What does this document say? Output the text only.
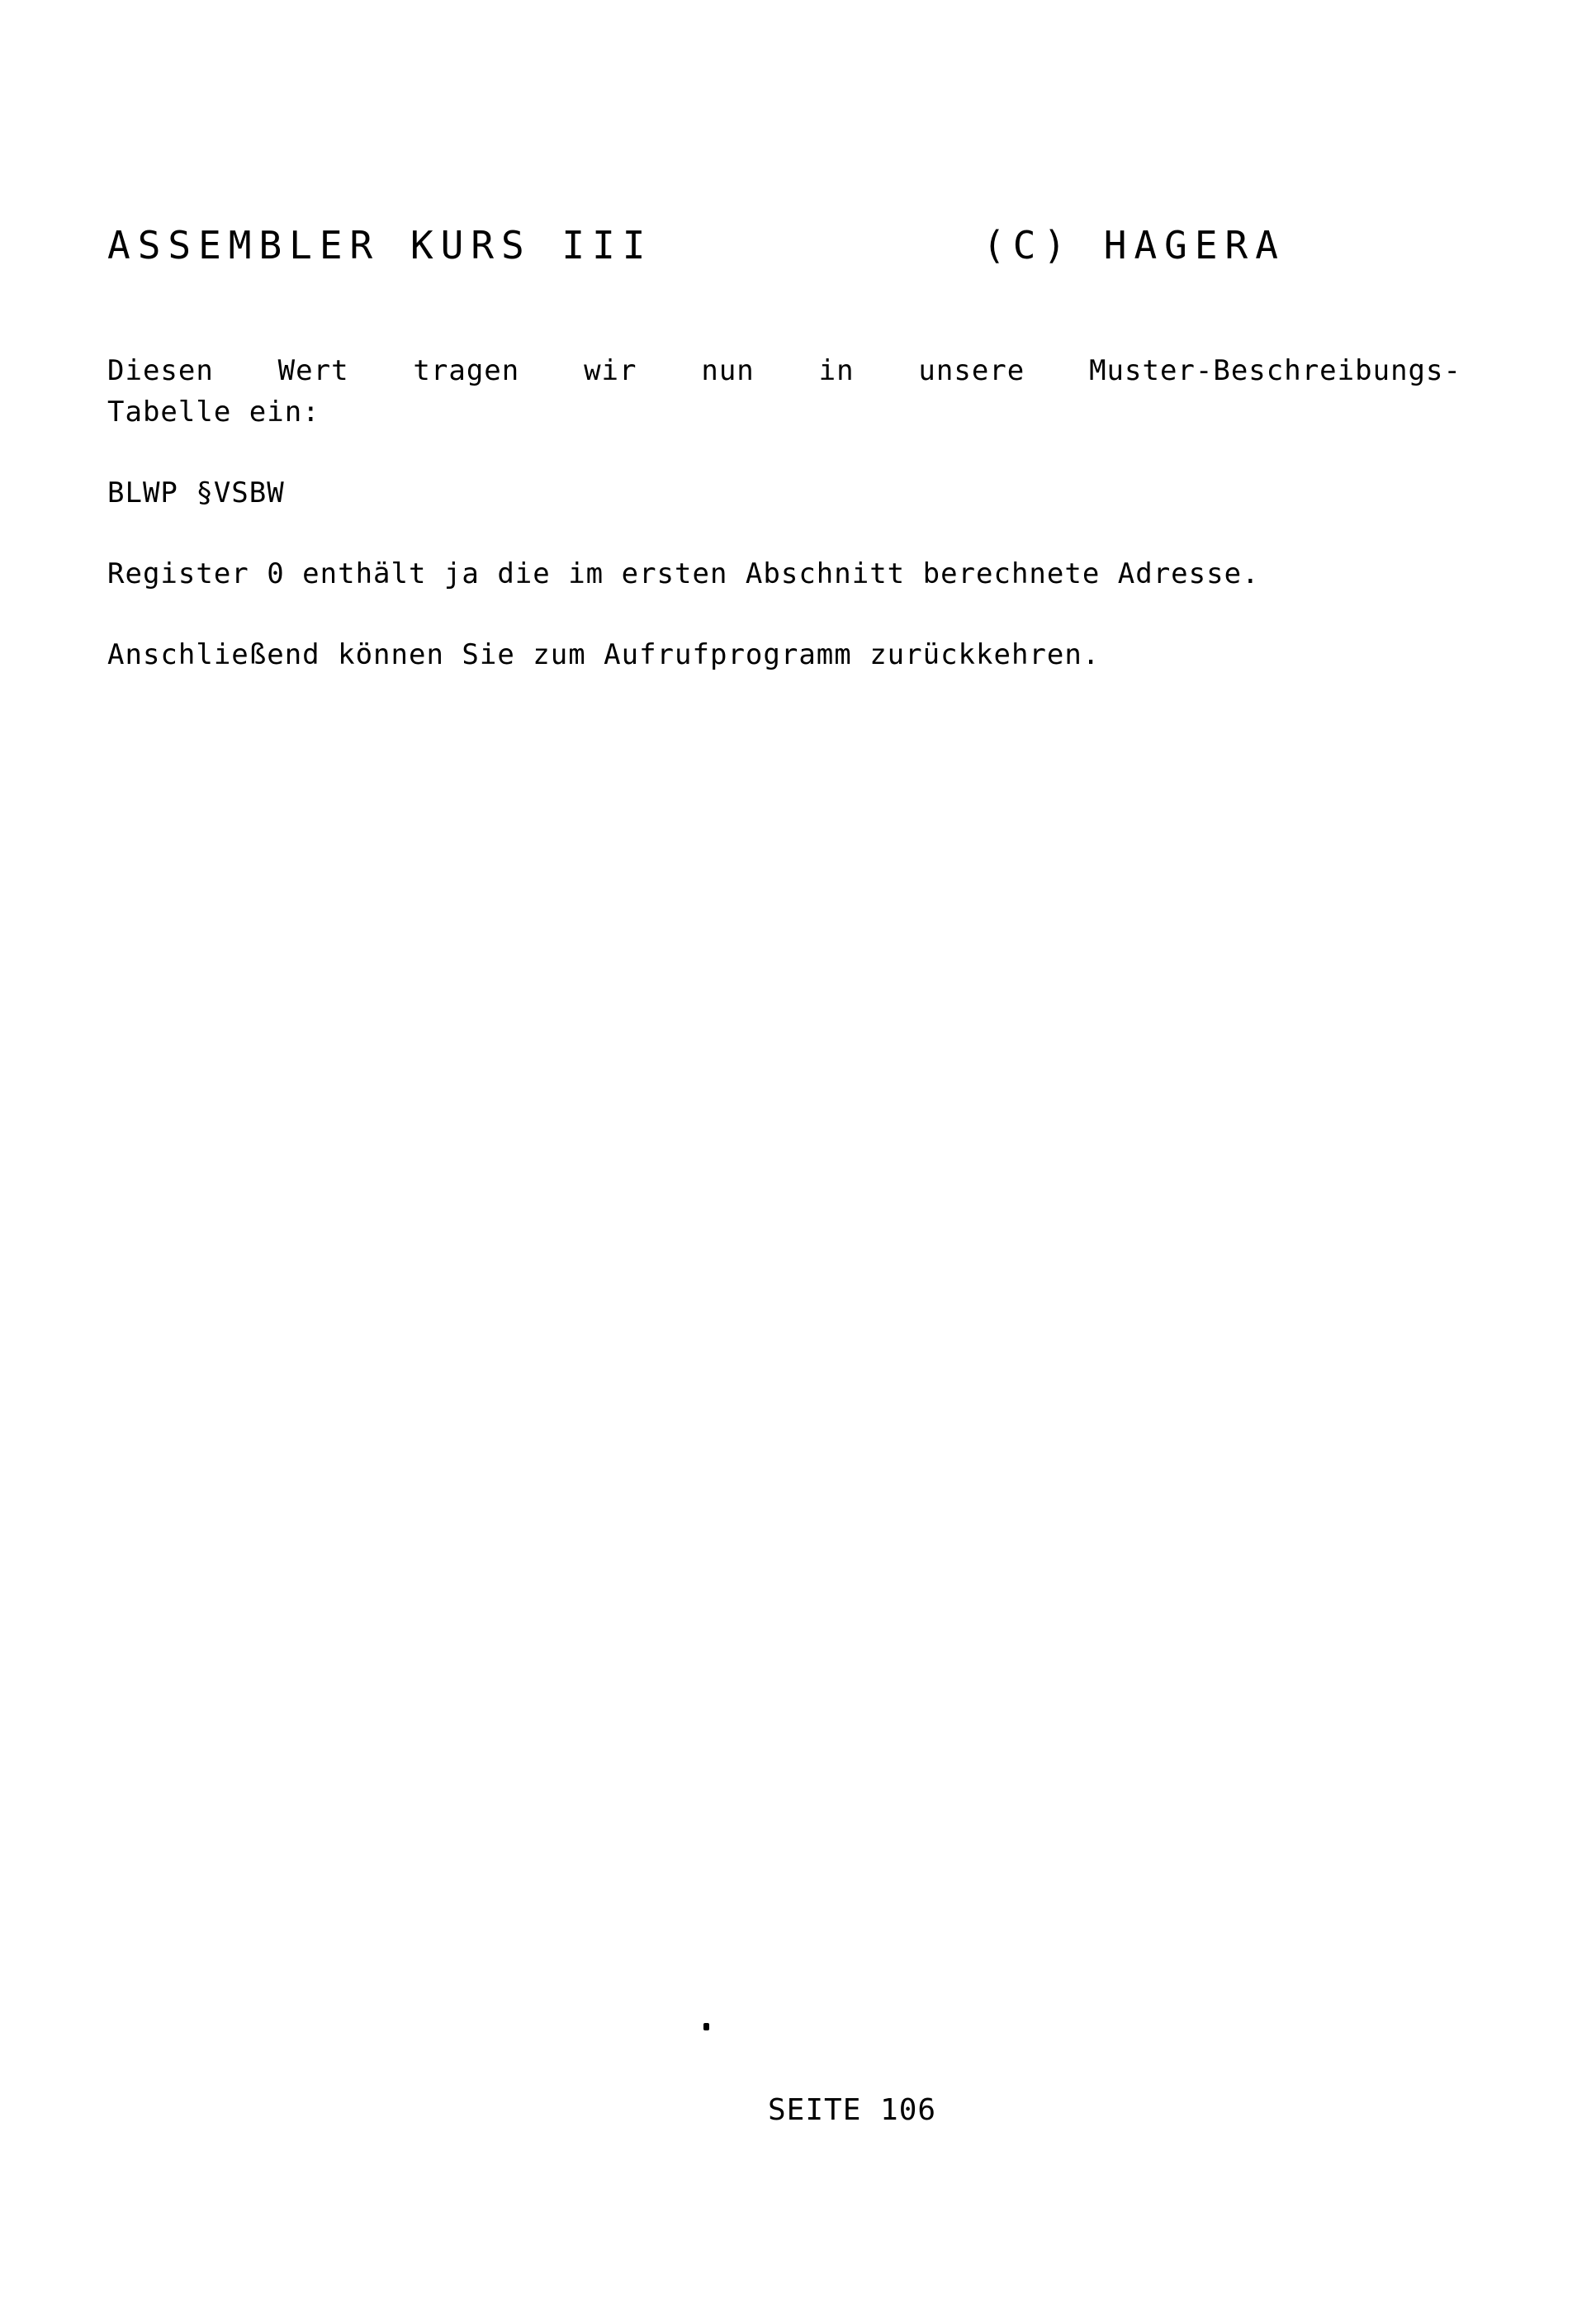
ASSEMBLER KURS III	(C) HAGERA
Diesen Wert tragen wir nun in unsere Muster-Beschreibungs-
Tabelle ein:
BLWP §VSBW
Register 0 enthält ja die im ersten Abschnitt berechnete Adresse.
Anschließend können Sie zum Aufrufprogramm zurückkehren.
SEITE 106
